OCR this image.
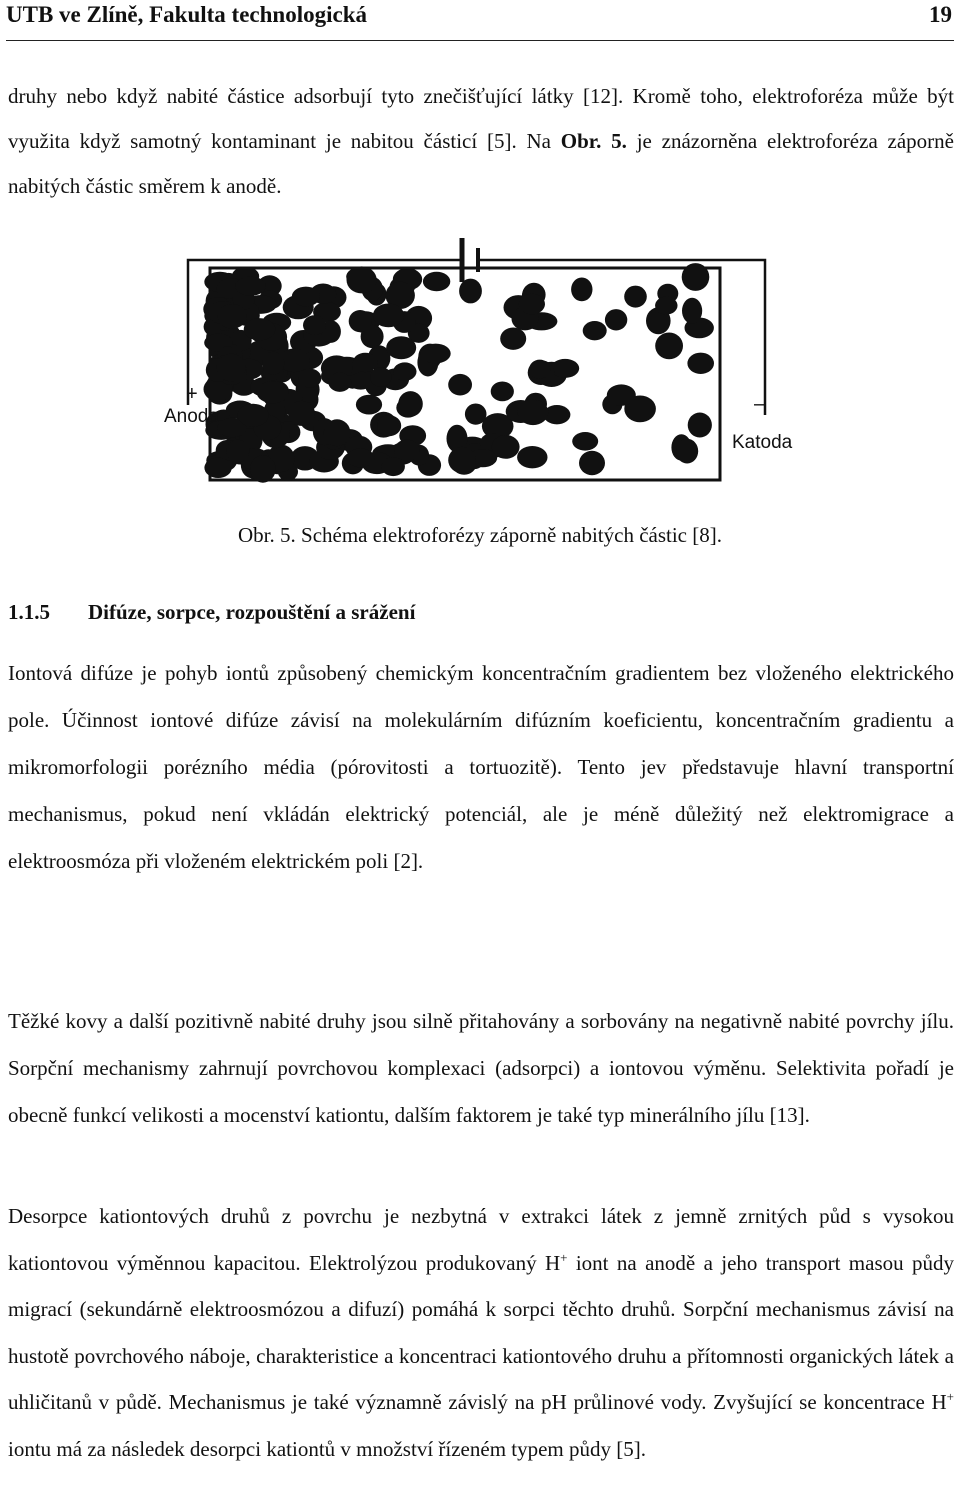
UTB ve Zlíně, Fakultа technologická	19

druhy nebo když nabité částice adsorbují tyto znečišťující látky [12]. Kromě toho, elektroforéza může být využita když samotný kontaminant je nabitou částicí [5]. Na Obr. 5. je znázorněna elektroforéza záporně nabitých částic směrem k anodě.

+
Anoda
–
Katoda
Obr. 5. Schéma elektroforézy záporně nabitých částic [8].
1.1.5 Difúze, sorpce, rozpouštění a srážení

Iontová difúze je pohyb iontů způsobený chemickým koncentračním gradientem bez vloženého elektrického pole. Účinnost iontové difúze závisí na molekulárním difúzním koeficientu, koncentračním gradientu a mikromorfologii porézního média (pórovitosti a tortuozitě). Tento jev představuje hlavní transportní mechanismus, pokud není vkládán elektrický potenciál, ale je méně důležitý než elektromigrace a elektroosmóza při vloženém elektrickém poli [2].

Těžké kovy a další pozitivně nabité druhy jsou silně přitahovány a sorbovány na negativně nabité povrchy jílu. Sorpční mechanismy zahrnují povrchovou komplexaci (adsorpci) a iontovou výměnu. Selektivita pořadí je obecně funkcí velikosti a mocenství kationtu, dalším faktorem je také typ minerálního jílu [13].

Desorpce kationtových druhů z povrchu je nezbytná v extrakci látek z jemně zrnitých půd s vysokou kationtovou výměnnou kapacitou. Elektrolýzou produkovaný H+ iont na anodě a jeho transport masou půdy migrací (sekundárně elektroosmózou a difuzí) pomáhá k sorpci těchto druhů. Sorpční mechanismus závisí na hustotě povrchového náboje, charakteristice a koncentraci kationtového druhu a přítomnosti organických látek a uhličitanů v půdě. Mechanismus je také významně závislý na pH průlinové vody. Zvyšující se koncentrace H+ iontu má za následek desorpci kationtů v množství řízeném typem půdy [5].
